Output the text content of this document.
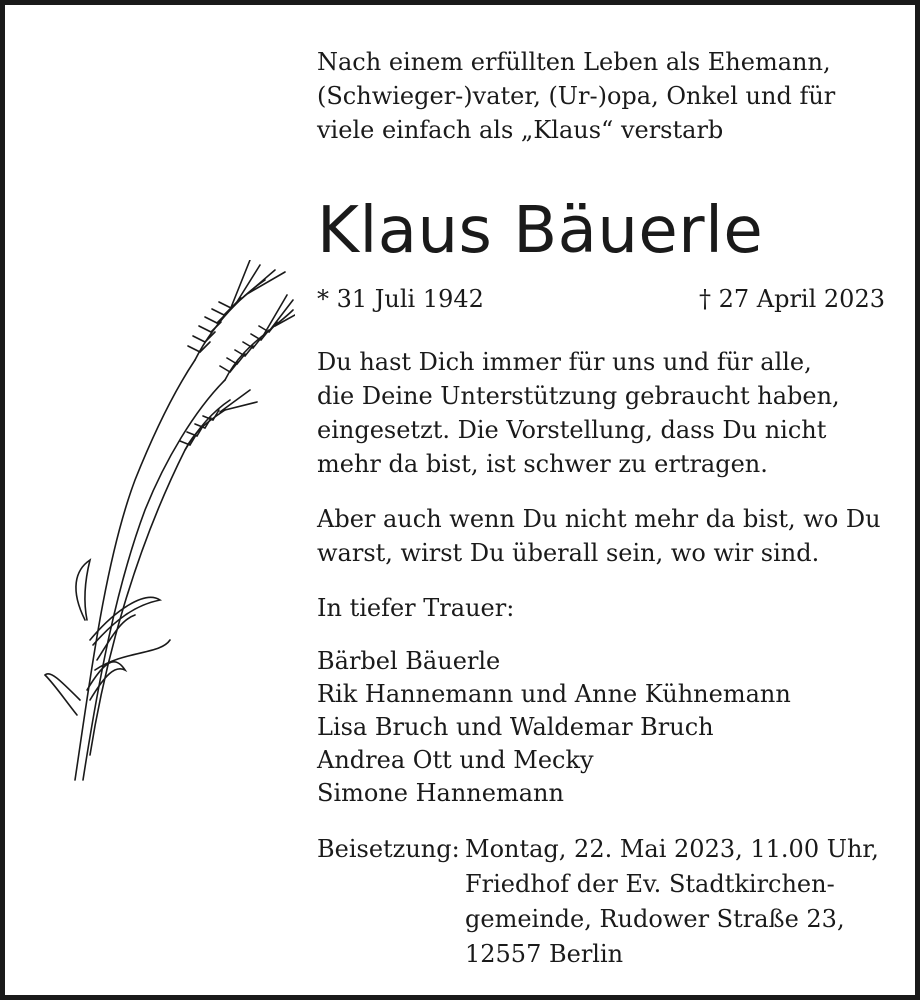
Nach einem erfüllten Leben als Ehemann,
(Schwieger-)vater, (Ur-)opa, Onkel und für
viele einfach als „Klaus“ verstarb
Klaus Bäuerle
* 31 Juli 1942	† 27 April 2023
Du hast Dich immer für uns und für alle,
die Deine Unterstützung gebraucht haben,
eingesetzt. Die Vorstellung, dass Du nicht
mehr da bist, ist schwer zu ertragen.
Aber auch wenn Du nicht mehr da bist, wo Du
warst, wirst Du überall sein, wo wir sind.
In tiefer Trauer:
Bärbel Bäuerle
Rik Hannemann und Anne Kühnemann
Lisa Bruch und Waldemar Bruch
Andrea Ott und Mecky
Simone Hannemann
Beisetzung: Montag, 22. Mai 2023, 11.00 Uhr,
Friedhof der Ev. Stadtkirchen-
gemeinde, Rudower Straße 23,
12557 Berlin
